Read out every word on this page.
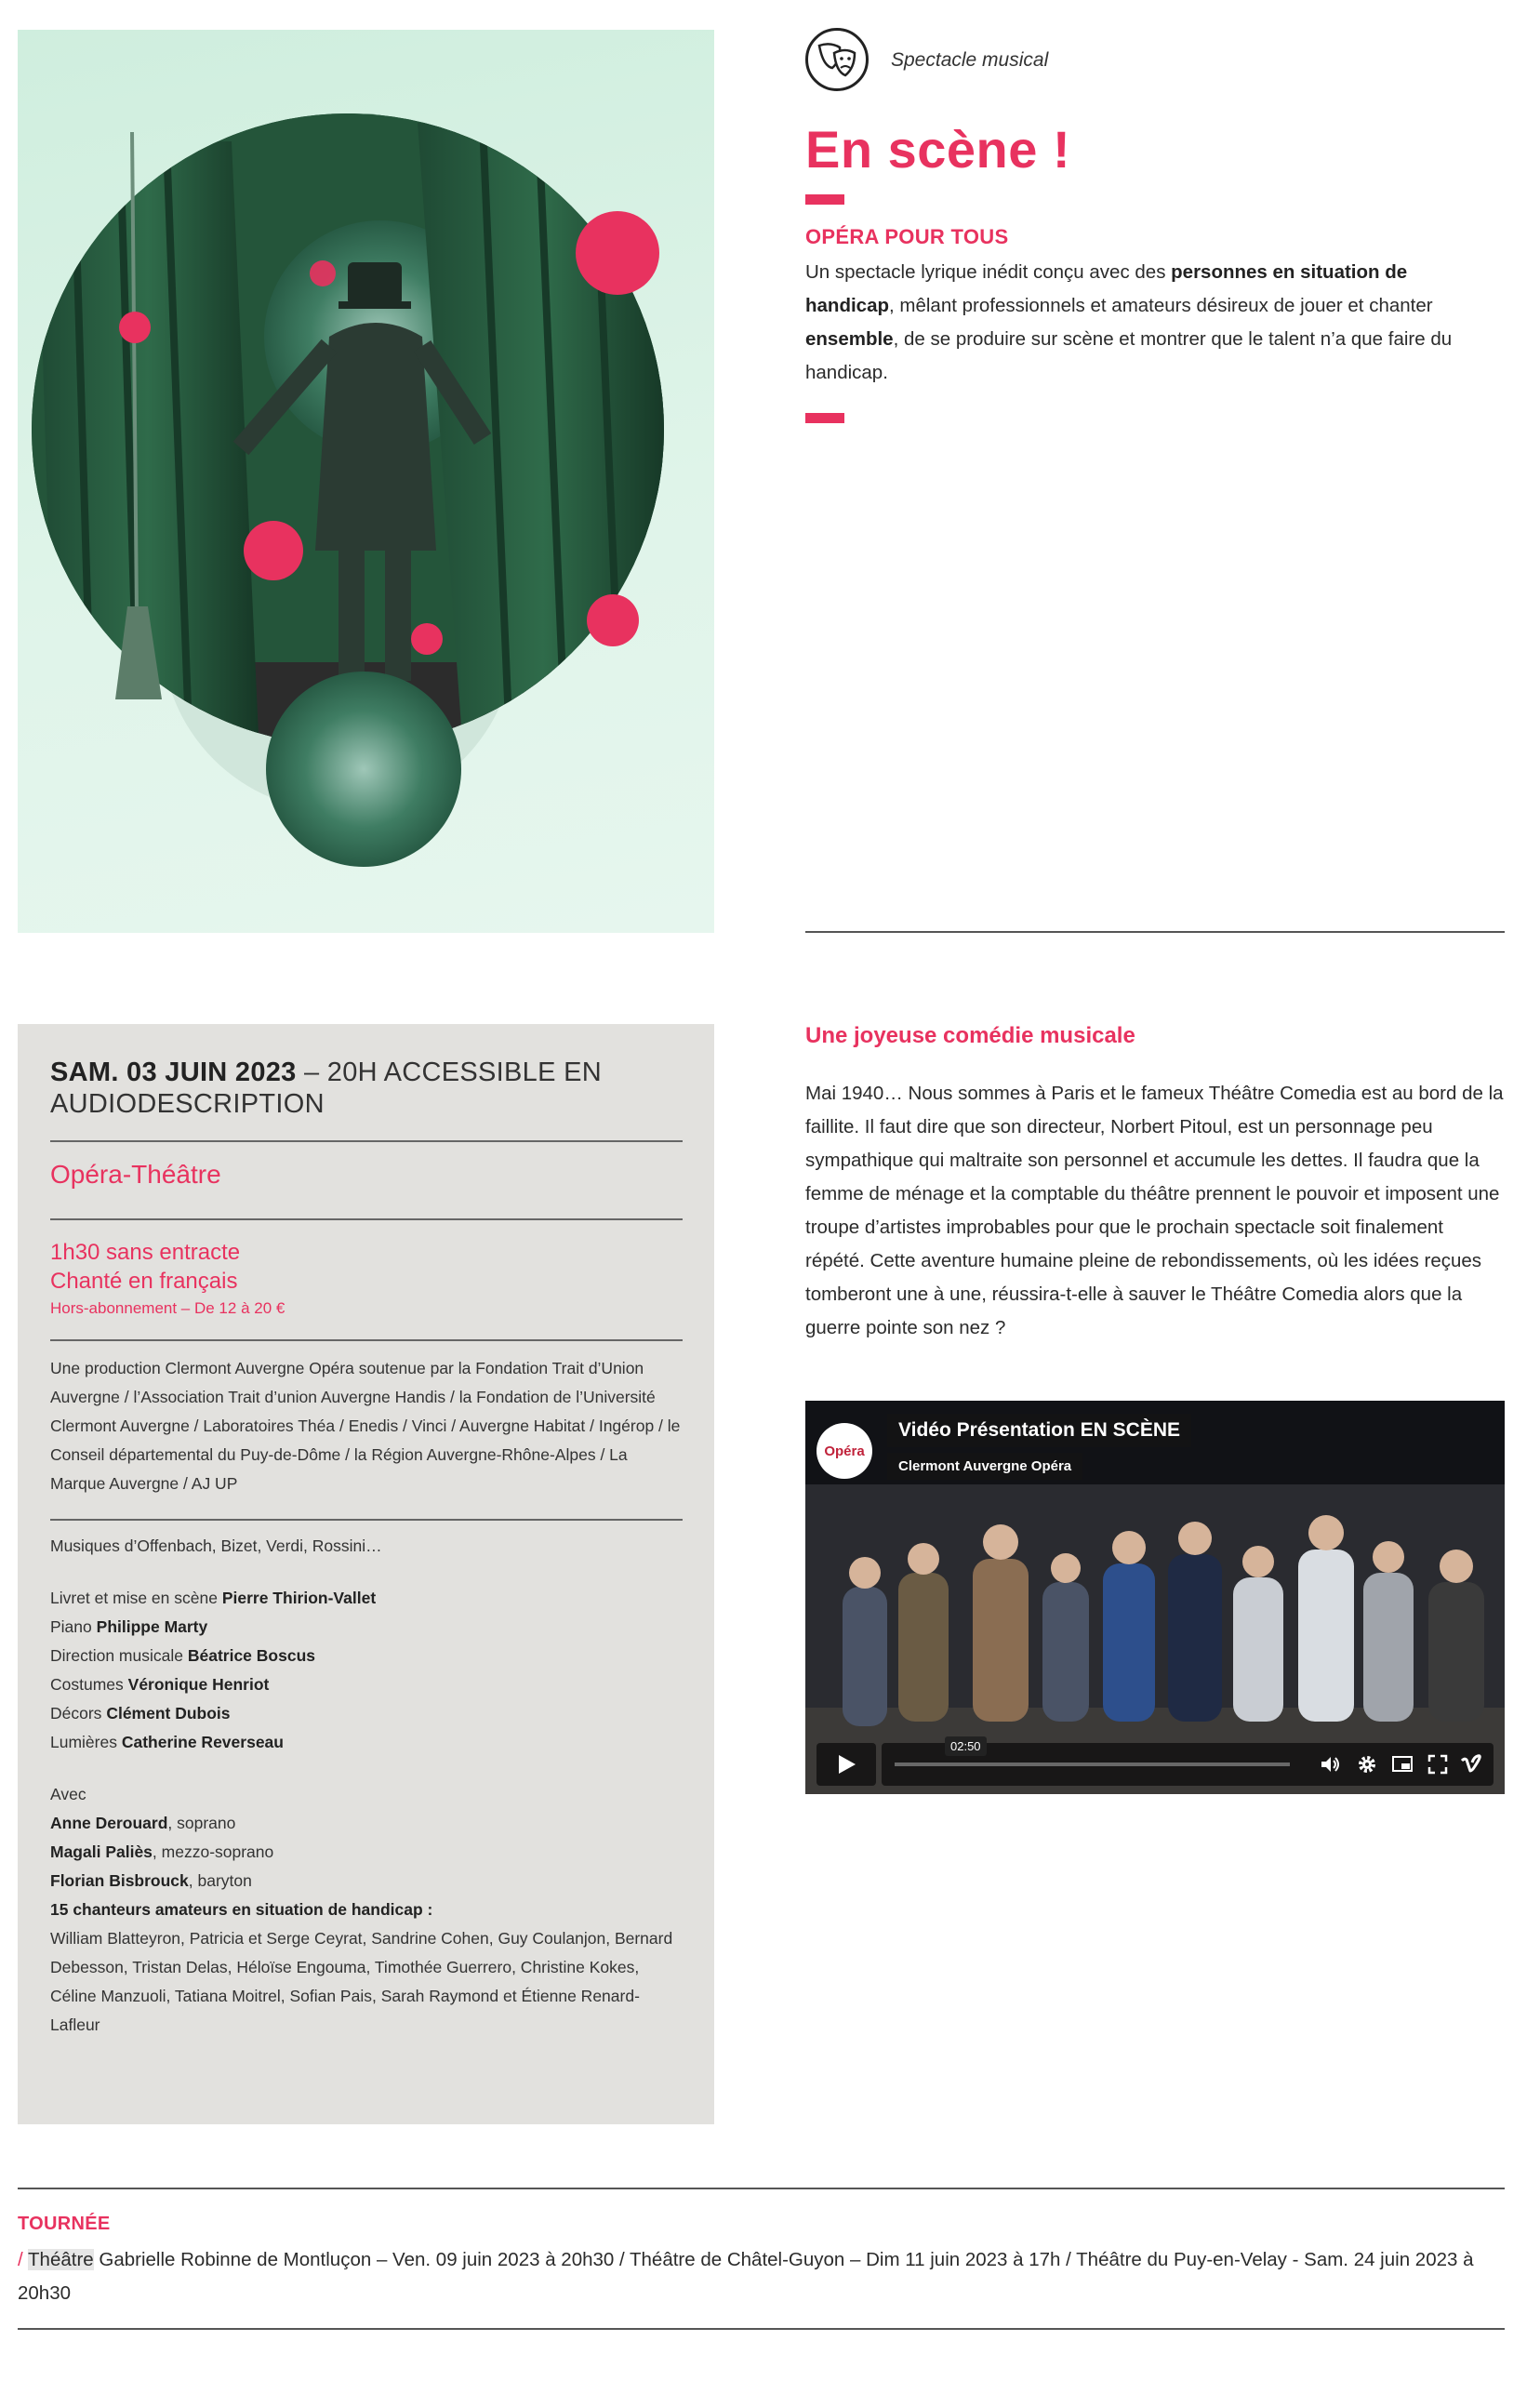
Spectacle musical
En scène !
OPÉRA POUR TOUS

Un spectacle lyrique inédit conçu avec des personnes en situation de handicap, mêlant professionnels et amateurs désireux de jouer et chanter ensemble, de se produire sur scène et montrer que le talent n’a que faire du handicap.

SAM. 03 JUIN 2023 – 20H ACCESSIBLE EN AUDIODESCRIPTION
Opéra-Théâtre
1h30 sans entracte
Chanté en français
Hors-abonnement – De 12 à 20 €
Une production Clermont Auvergne Opéra soutenue par la Fondation Trait d’Union Auvergne / l’Association Trait d’union Auvergne Handis / la Fondation de l’Université Clermont Auvergne / Laboratoires Théa / Enedis / Vinci / Auvergne Habitat / Ingérop / le Conseil départemental du Puy-de-Dôme / la Région Auvergne-Rhône-Alpes / La Marque Auvergne / AJ UP
Musiques d’Offenbach, Bizet, Verdi, Rossini…
Livret et mise en scène Pierre Thirion-Vallet
Piano Philippe Marty
Direction musicale Béatrice Boscus
Costumes Véronique Henriot
Décors Clément Dubois
Lumières Catherine Reverseau
Avec
Anne Derouard, soprano
Magali Paliès, mezzo-soprano
Florian Bisbrouck, baryton
15 chanteurs amateurs en situation de handicap :
William Blatteyron, Patricia et Serge Ceyrat, Sandrine Cohen, Guy Coulanjon, Bernard Debesson, Tristan Delas, Héloïse Engouma, Timothée Guerrero, Christine Kokes, Céline Manzuoli, Tatiana Moitrel, Sofian Pais, Sarah Raymond et Étienne Renard-Lafleur
Une joyeuse comédie musicale

Mai 1940… Nous sommes à Paris et le fameux Théâtre Comedia est au bord de la faillite. Il faut dire que son directeur, Norbert Pitoul, est un personnage peu sympathique qui maltraite son personnel et accumule les dettes. Il faudra que la femme de ménage et la comptable du théâtre prennent le pouvoir et imposent une troupe d’artistes improbables pour que le prochain spectacle soit finalement répété. Cette aventure humaine pleine de rebondissements, où les idées reçues tomberont une à une, réussira-t-elle à sauver le Théâtre Comedia alors que la guerre pointe son nez ?

Opéra
Vidéo Présentation EN SCÈNE
Clermont Auvergne Opéra
02:50
TOURNÉE

/ Théâtre Gabrielle Robinne de Montluçon – Ven. 09 juin 2023 à 20h30 / Théâtre de Châtel-Guyon – Dim 11 juin 2023 à 17h / Théâtre du Puy-en-Velay - Sam. 24 juin 2023 à 20h30
